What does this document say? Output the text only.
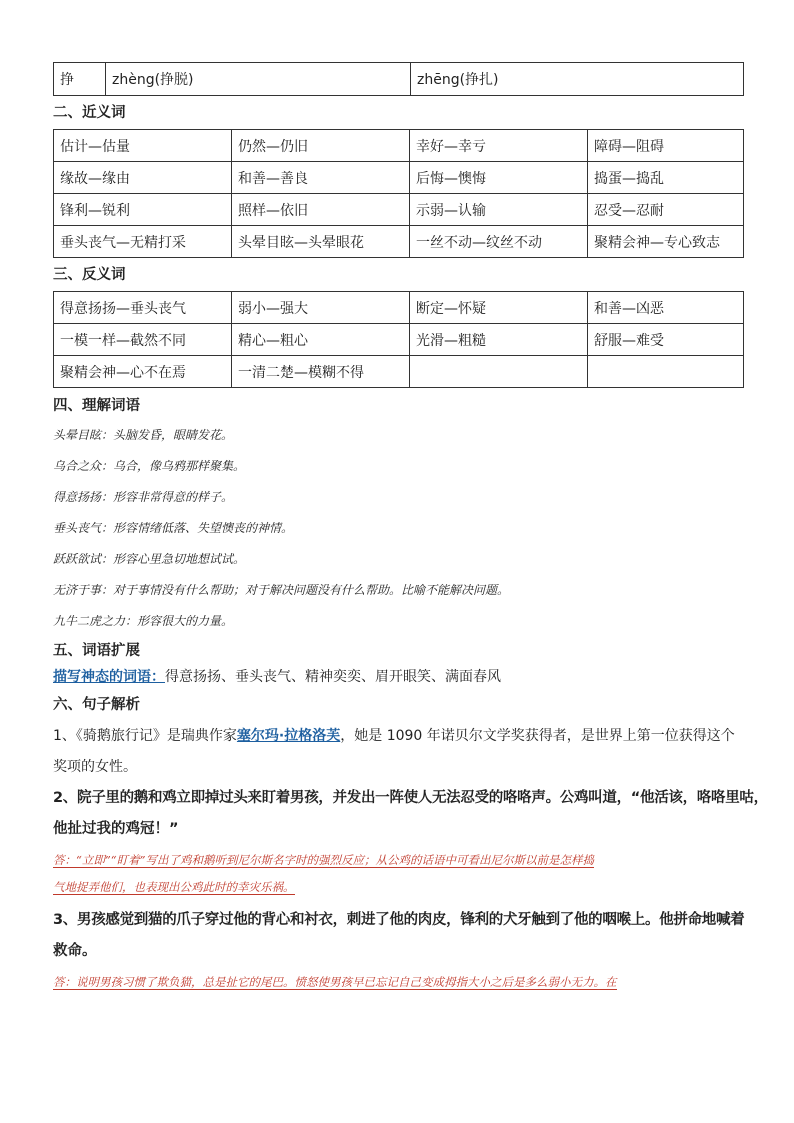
挣	zhèng(挣脱)	zhēng(挣扎)

二、近义词

估计—估量	仍然—仍旧	幸好—幸亏	障碍—阻碍
缘故—缘由	和善—善良	后悔—懊悔	捣蛋—捣乱
锋利—锐利	照样—依旧	示弱—认输	忍受—忍耐
垂头丧气—无精打采	头晕目眩—头晕眼花	一丝不动—纹丝不动	聚精会神—专心致志

三、反义词

得意扬扬—垂头丧气	弱小—强大	断定—怀疑	和善—凶恶
一模一样—截然不同	精心—粗心	光滑—粗糙	舒服—难受
聚精会神—心不在焉	一清二楚—模糊不得		

四、理解词语

头晕目眩：头脑发昏，眼睛发花。
乌合之众：乌合，像乌鸦那样聚集。
得意扬扬：形容非常得意的样子。
垂头丧气：形容情绪低落、失望懊丧的神情。
跃跃欲试：形容心里急切地想试试。
无济于事：对于事情没有什么帮助；对于解决问题没有什么帮助。比喻不能解决问题。
九牛二虎之力：形容很大的力量。

五、词语扩展

描写神态的词语：得意扬扬、垂头丧气、精神奕奕、眉开眼笑、满面春风

六、句子解析

1、《骑鹅旅行记》是瑞典作家塞尔玛·拉格洛芙，她是 1090 年诺贝尔文学奖获得者，是世界上第一位获得这个
奖项的女性。
2、院子里的鹅和鸡立即掉过头来盯着男孩，并发出一阵使人无法忍受的咯咯声。公鸡叫道，“他活该，咯咯里咕，
他扯过我的鸡冠！”
答：“立即”“盯着”写出了鸡和鹅听到尼尔斯名字时的强烈反应；从公鸡的话语中可看出尼尔斯以前是怎样捣
气地捉弄他们，也表现出公鸡此时的幸灾乐祸。
3、男孩感觉到猫的爪子穿过他的背心和衬衣，刺进了他的肉皮，锋利的犬牙触到了他的咽喉上。他拼命地喊着
救命。
答：说明男孩习惯了欺负猫，总是扯它的尾巴。愤怒使男孩早已忘记自己变成拇指大小之后是多么弱小无力。在
